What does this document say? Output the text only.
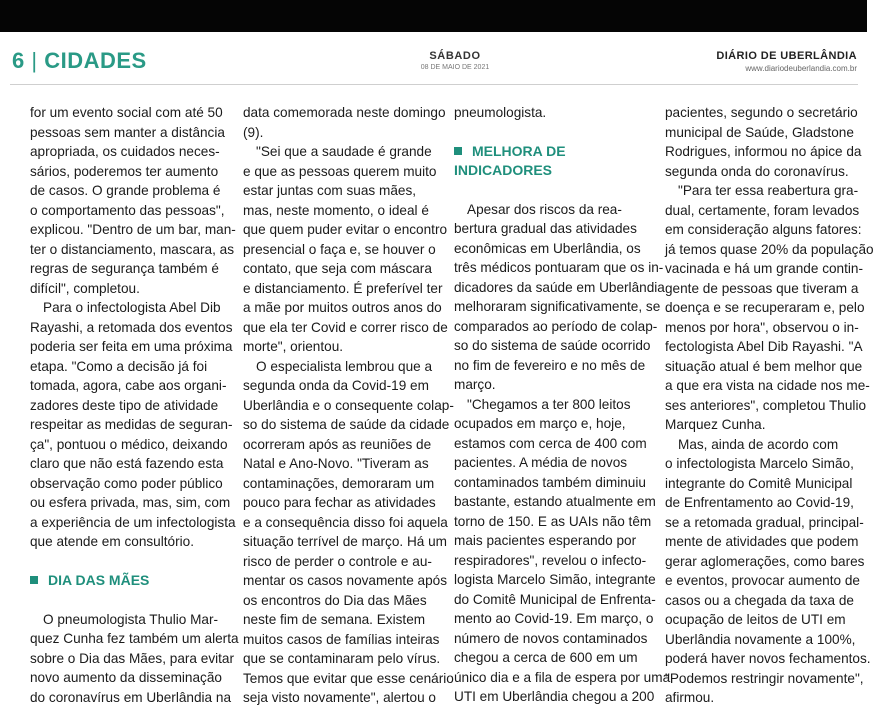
6 | CIDADES	SÁBADO
08 DE MAIO DE 2021
DIÁRIO DE UBERLÂNDIA
www.diariodeuberlandia.com.br
for um evento social com até 50
pessoas sem manter a distância
apropriada, os cuidados neces-
sários, poderemos ter aumento
de casos. O grande problema é
o comportamento das pessoas",
explicou. "Dentro de um bar, man-
ter o distanciamento, mascara, as
regras de segurança também é
difícil", completou.
Para o infectologista Abel Dib
Rayashi, a retomada dos eventos
poderia ser feita em uma próxima
etapa. "Como a decisão já foi
tomada, agora, cabe aos organi-
zadores deste tipo de atividade
respeitar as medidas de seguran-
ça", pontuou o médico, deixando
claro que não está fazendo esta
observação como poder público
ou esfera privada, mas, sim, com
a experiência de um infectologista
que atende em consultório.
DIA DAS MÃES
O pneumologista Thulio Mar-
quez Cunha fez também um alerta
sobre o Dia das Mães, para evitar
novo aumento da disseminação
do coronavírus em Uberlândia na
data comemorada neste domingo
(9).
"Sei que a saudade é grande
e que as pessoas querem muito
estar juntas com suas mães,
mas, neste momento, o ideal é
que quem puder evitar o encontro
presencial o faça e, se houver o
contato, que seja com máscara
e distanciamento. É preferível ter
a mãe por muitos outros anos do
que ela ter Covid e correr risco de
morte", orientou.
O especialista lembrou que a
segunda onda da Covid-19 em
Uberlândia e o consequente colap-
so do sistema de saúde da cidade
ocorreram após as reuniões de
Natal e Ano-Novo. "Tiveram as
contaminações, demoraram um
pouco para fechar as atividades
e a consequência disso foi aquela
situação terrível de março. Há um
risco de perder o controle e au-
mentar os casos novamente após
os encontros do Dia das Mães
neste fim de semana. Existem
muitos casos de famílias inteiras
que se contaminaram pelo vírus.
Temos que evitar que esse cenário
seja visto novamente", alertou o
pneumologista.
MELHORA DE
INDICADORES
Apesar dos riscos da rea-
bertura gradual das atividades
econômicas em Uberlândia, os
três médicos pontuaram que os in-
dicadores da saúde em Uberlândia
melhoraram significativamente, se
comparados ao período de colap-
so do sistema de saúde ocorrido
no fim de fevereiro e no mês de
março.
"Chegamos a ter 800 leitos
ocupados em março e, hoje,
estamos com cerca de 400 com
pacientes. A média de novos
contaminados também diminuiu
bastante, estando atualmente em
torno de 150. E as UAIs não têm
mais pacientes esperando por
respiradores", revelou o infecto-
logista Marcelo Simão, integrante
do Comitê Municipal de Enfrenta-
mento ao Covid-19. Em março, o
número de novos contaminados
chegou a cerca de 600 em um
único dia e a fila de espera por uma
UTI em Uberlândia chegou a 200
pacientes, segundo o secretário
municipal de Saúde, Gladstone
Rodrigues, informou no ápice da
segunda onda do coronavírus.
"Para ter essa reabertura gra-
dual, certamente, foram levados
em consideração alguns fatores:
já temos quase 20% da população
vacinada e há um grande contin-
gente de pessoas que tiveram a
doença e se recuperaram e, pelo
menos por hora", observou o in-
fectologista Abel Dib Rayashi. "A
situação atual é bem melhor que
a que era vista na cidade nos me-
ses anteriores", completou Thulio
Marquez Cunha.
Mas, ainda de acordo com
o infectologista Marcelo Simão,
integrante do Comitê Municipal
de Enfrentamento ao Covid-19,
se a retomada gradual, principal-
mente de atividades que podem
gerar aglomerações, como bares
e eventos, provocar aumento de
casos ou a chegada da taxa de
ocupação de leitos de UTI em
Uberlândia novamente a 100%,
poderá haver novos fechamentos.
"Podemos restringir novamente",
afirmou.
